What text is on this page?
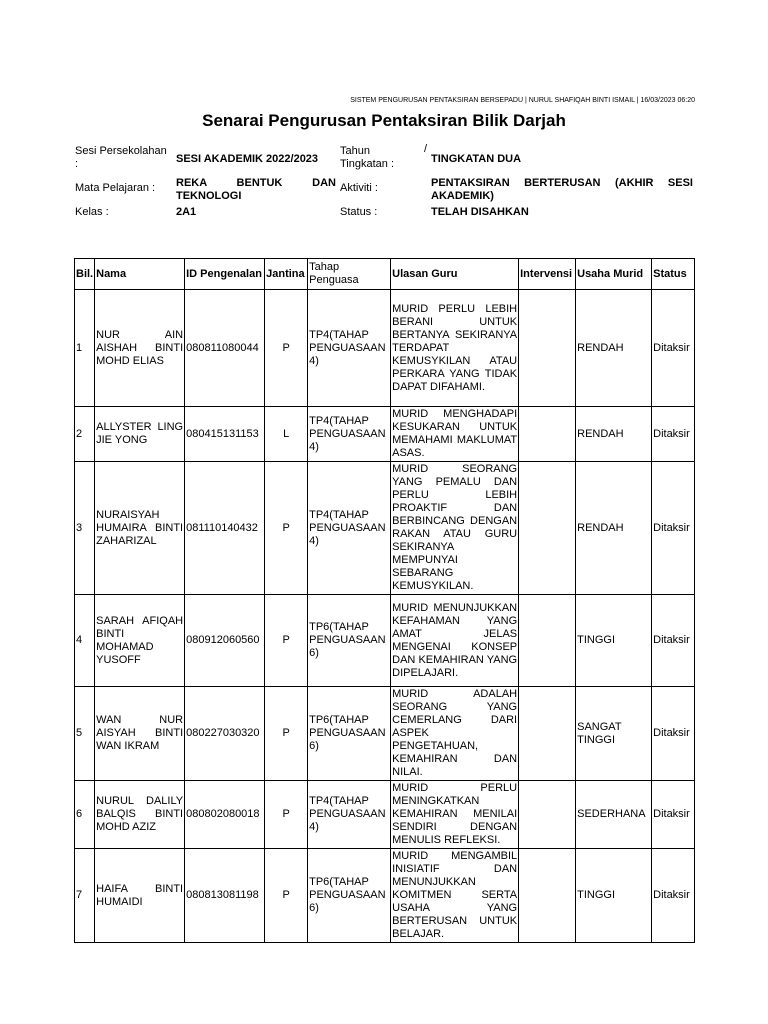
SISTEM PENGURUSAN PENTAKSIRAN BERSEPADU | NURUL SHAFIQAH BINTI ISMAIL | 16/03/2023 06:20
Senarai Pengurusan Pentaksiran Bilik Darjah
Sesi Persekolahan :	SESI AKADEMIK 2022/2023
Tahun Tingkatan :
/
TINGKATAN DUA
Mata Pelajaran : REKA BENTUK DAN TEKNOLOGI
Aktiviti :	PENTAKSIRAN BERTERUSAN (AKHIR SESI AKADEMIK)
Kelas :	2A1	Status :	TELAH DISAHKAN
Bil.	Nama	ID Pengenalan	Jantina	Tahap Penguasa	Ulasan Guru	Intervensi	Usaha Murid	Status
1	NUR AIN AISHAH BINTI MOHD ELIAS	080811080044	P	TP4(TAHAP PENGUASAAN 4)	MURID PERLU LEBIH BERANI UNTUK BERTANYA SEKIRANYA TERDAPAT KEMUSYKILAN ATAU PERKARA YANG TIDAK DAPAT DIFAHAMI.		RENDAH	Ditaksir
2	ALLYSTER LING JIE YONG	080415131153	L	TP4(TAHAP PENGUASAAN 4)	MURID MENGHADAPI KESUKARAN UNTUK MEMAHAMI MAKLUMAT ASAS.		RENDAH	Ditaksir
3	NURAISYAH HUMAIRA BINTI ZAHARIZAL	081110140432	P	TP4(TAHAP PENGUASAAN 4)	MURID SEORANG YANG PEMALU DAN PERLU LEBIH PROAKTIF DAN BERBINCANG DENGAN RAKAN ATAU GURU SEKIRANYA MEMPUNYAI SEBARANG KEMUSYKILAN.		RENDAH	Ditaksir
4	SARAH AFIQAH BINTI MOHAMAD YUSOFF	080912060560	P	TP6(TAHAP PENGUASAAN 6)	MURID MENUNJUKKAN KEFAHAMAN YANG AMAT JELAS MENGENAI KONSEP DAN KEMAHIRAN YANG DIPELAJARI.		TINGGI	Ditaksir
5	WAN NUR AISYAH BINTI WAN IKRAM	080227030320	P	TP6(TAHAP PENGUASAAN 6)	MURID ADALAH SEORANG YANG CEMERLANG DARI ASPEK PENGETAHUAN, KEMAHIRAN DAN NILAI.		SANGAT TINGGI	Ditaksir
6	NURUL DALILY BALQIS BINTI MOHD AZIZ	080802080018	P	TP4(TAHAP PENGUASAAN 4)	MURID PERLU MENINGKATKAN KEMAHIRAN MENILAI SENDIRI DENGAN MENULIS REFLEKSI.		SEDERHANA	Ditaksir
7	HAIFA BINTI HUMAIDI	080813081198	P	TP6(TAHAP PENGUASAAN 6)	MURID MENGAMBIL INISIATIF DAN MENUNJUKKAN KOMITMEN SERTA USAHA YANG BERTERUSAN UNTUK BELAJAR.		TINGGI	Ditaksir
